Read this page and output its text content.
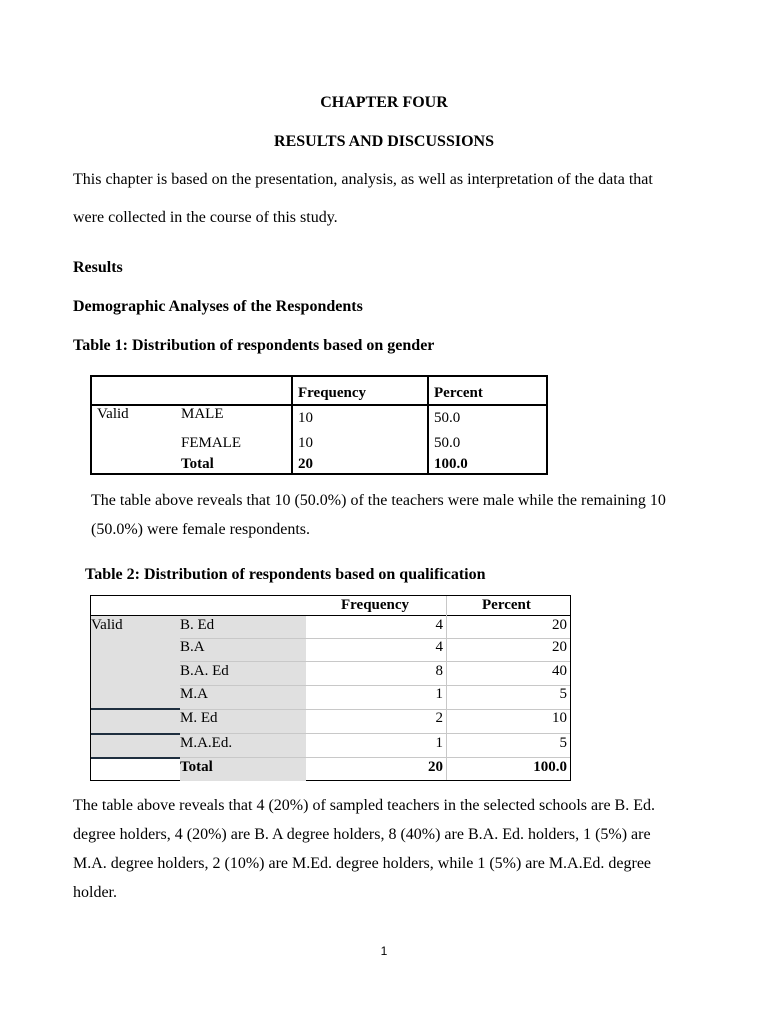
CHAPTER FOUR
RESULTS AND DISCUSSIONS
This chapter is based on the presentation, analysis, as well as interpretation of the data that
were collected in the course of this study.
Results
Demographic Analyses of the Respondents
Table 1: Distribution of respondents based on gender
Frequency	Percent
Valid	MALE	10	50.0
FEMALE	10	50.0
Total	20	100.0
The table above reveals that 10 (50.0%) of the teachers were male while the remaining 10
(50.0%) were female respondents.
Table 2: Distribution of respondents based on qualification
Frequency	Percent
Valid	B. Ed	4	20
B.A	4	20
B.A. Ed	8	40
M.A	1	5
M. Ed	2	10
M.A.Ed.	1	5
Total	20	100.0
The table above reveals that 4 (20%) of sampled teachers in the selected schools are B. Ed.
degree holders, 4 (20%) are B. A degree holders, 8 (40%) are B.A. Ed. holders, 1 (5%) are
M.A. degree holders, 2 (10%) are M.Ed. degree holders, while 1 (5%) are M.A.Ed. degree
holder.
1
